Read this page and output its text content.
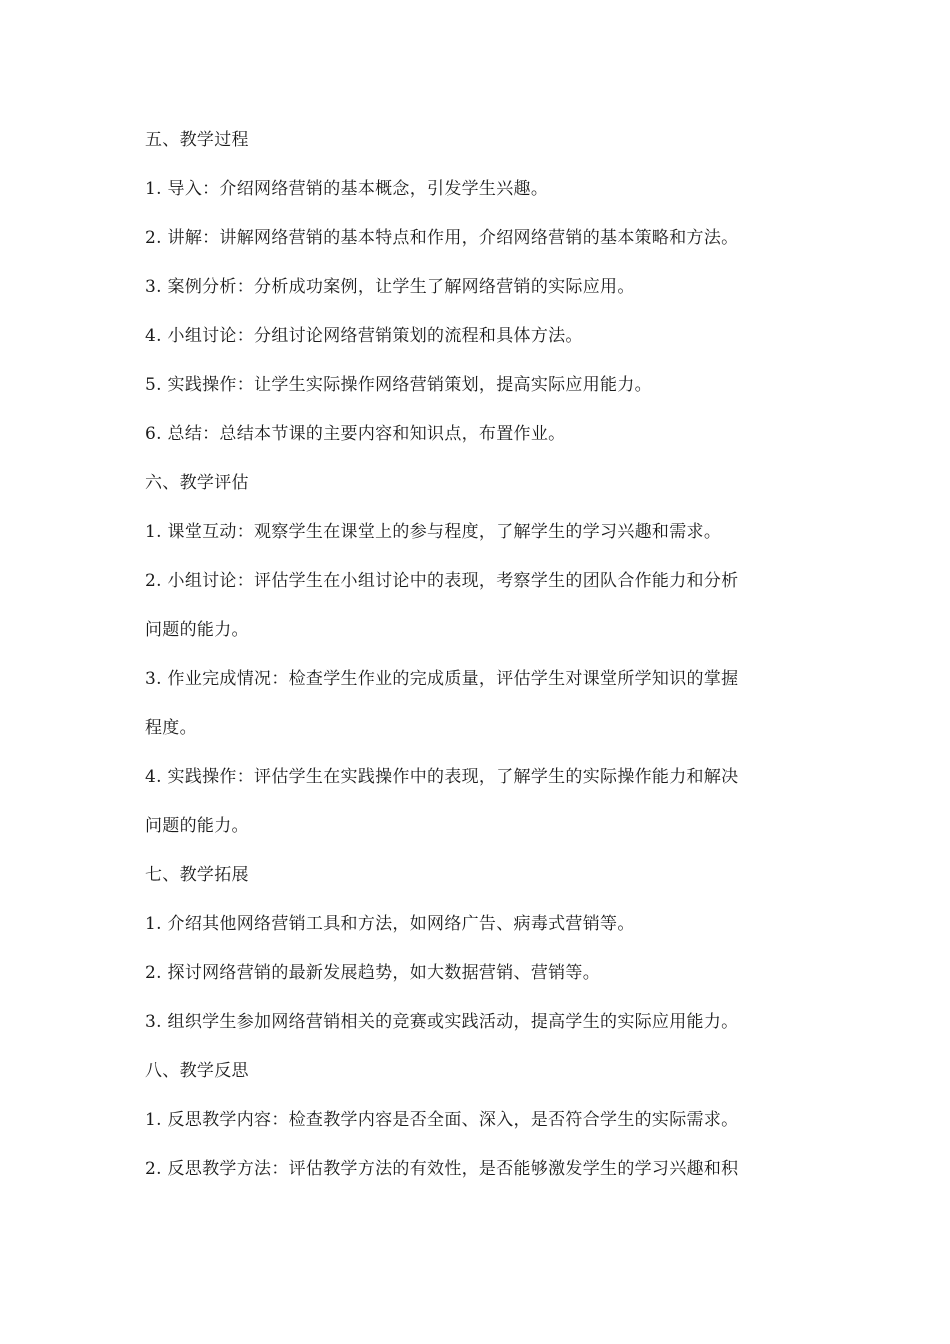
五、教学过程
1. 导入：介绍网络营销的基本概念，引发学生兴趣。
2. 讲解：讲解网络营销的基本特点和作用，介绍网络营销的基本策略和方法。
3. 案例分析：分析成功案例，让学生了解网络营销的实际应用。
4. 小组讨论：分组讨论网络营销策划的流程和具体方法。
5. 实践操作：让学生实际操作网络营销策划，提高实际应用能力。
6. 总结：总结本节课的主要内容和知识点，布置作业。
六、教学评估
1. 课堂互动：观察学生在课堂上的参与程度，了解学生的学习兴趣和需求。
2. 小组讨论：评估学生在小组讨论中的表现，考察学生的团队合作能力和分析
问题的能力。
3. 作业完成情况：检查学生作业的完成质量，评估学生对课堂所学知识的掌握
程度。
4. 实践操作：评估学生在实践操作中的表现，了解学生的实际操作能力和解决
问题的能力。
七、教学拓展
1. 介绍其他网络营销工具和方法，如网络广告、病毒式营销等。
2. 探讨网络营销的最新发展趋势，如大数据营销、营销等。
3. 组织学生参加网络营销相关的竞赛或实践活动，提高学生的实际应用能力。
八、教学反思
1. 反思教学内容：检查教学内容是否全面、深入，是否符合学生的实际需求。
2. 反思教学方法：评估教学方法的有效性，是否能够激发学生的学习兴趣和积
